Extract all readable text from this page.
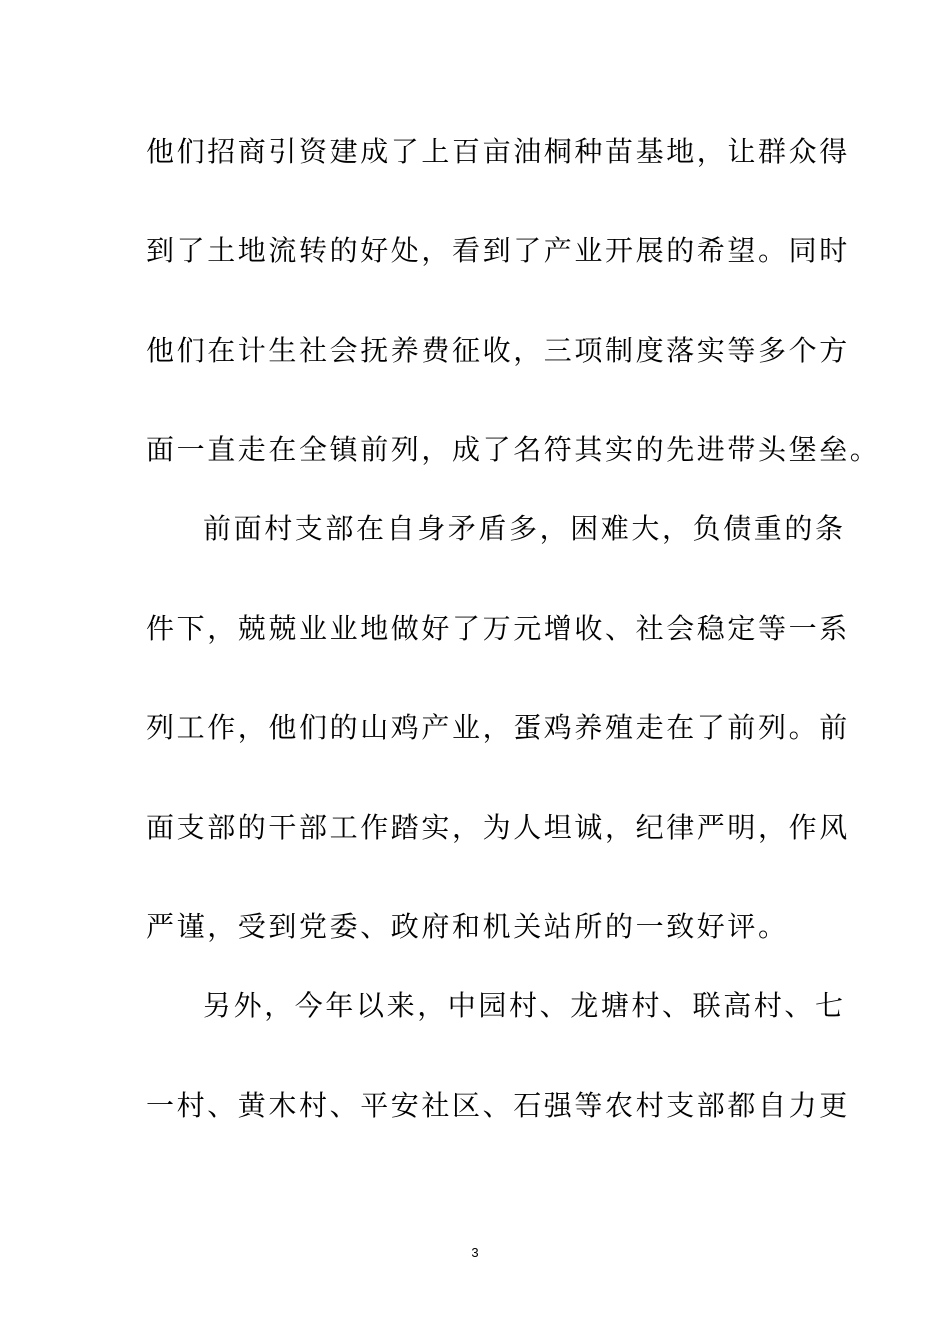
他们招商引资建成了上百亩油桐种苗基地，让群众得
到了土地流转的好处，看到了产业开展的希望。同时
他们在计生社会抚养费征收，三项制度落实等多个方
面一直走在全镇前列，成了名符其实的先进带头堡垒。
前面村支部在自身矛盾多，困难大，负债重的条
件下，兢兢业业地做好了万元增收、社会稳定等一系
列工作，他们的山鸡产业，蛋鸡养殖走在了前列。前
面支部的干部工作踏实，为人坦诚，纪律严明，作风
严谨，受到党委、政府和机关站所的一致好评。
另外，今年以来，中园村、龙塘村、联高村、七
一村、黄木村、平安社区、石强等农村支部都自力更
3
